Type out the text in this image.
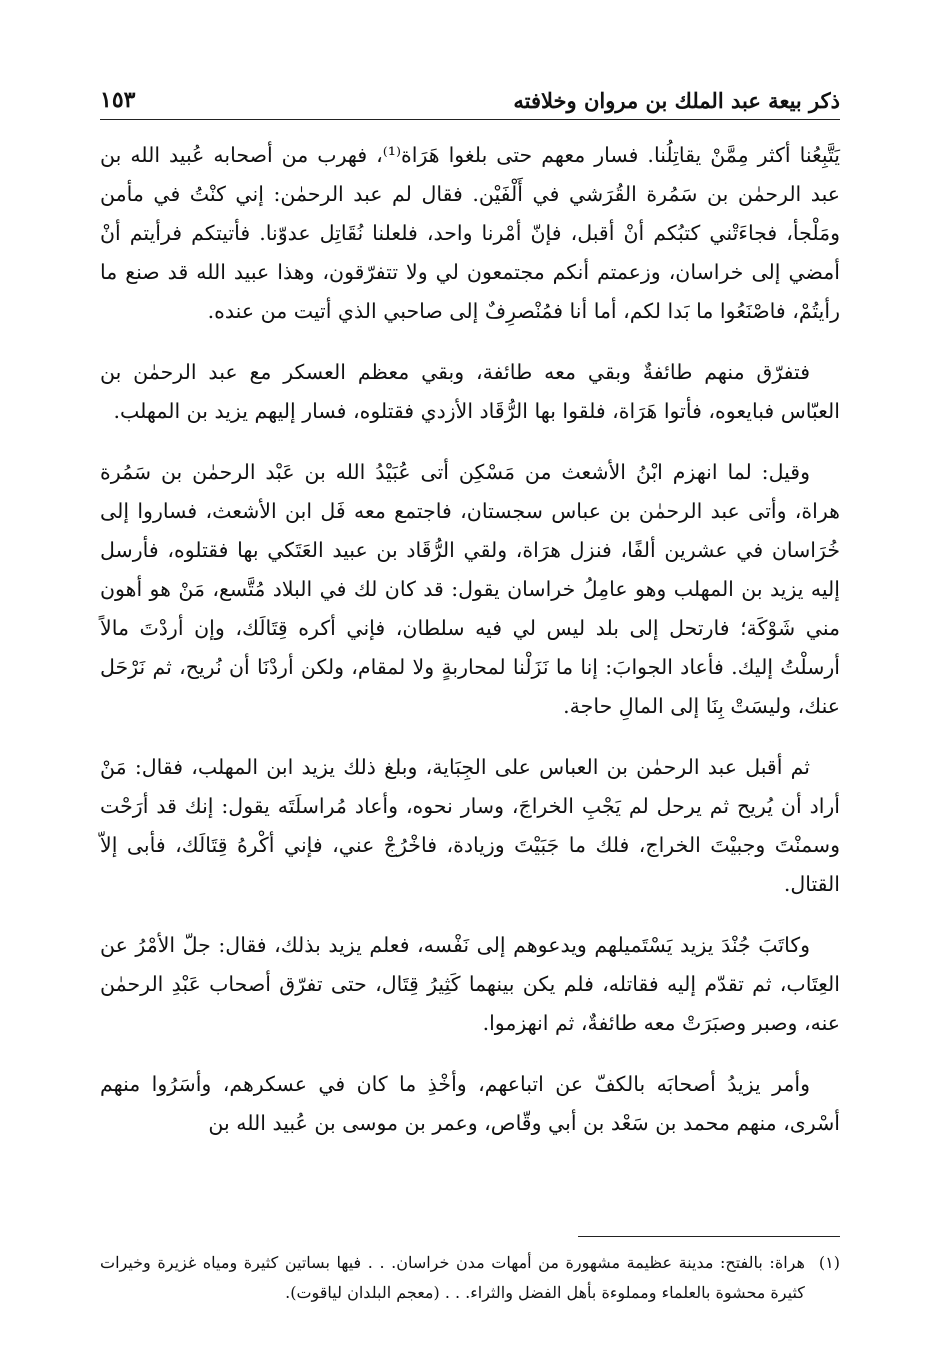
ذكر بيعة عبد الملك بن مروان وخلافته
١٥٣

يَتَّبِعُنا أكثر مِمَّنْ يقاتِلُنا. فسار معهم حتى بلغوا هَرَاة⁽¹⁾، فهرب من أصحابه عُبيد الله بن عبد الرحمٰن بن سَمُرة القُرَشي في أَلْفَيْن. فقال لم عبد الرحمٰن: إني كنْتُ في مأمن ومَلْجأ، فجاءَتْني كتبُكم أنْ أقبل، فإنّ أمْرنا واحد، فلعلنا نُقَاتِل عدوّنا. فأتيتكم فرأيتم أنْ أمضي إلى خراسان، وزعمتم أنكم مجتمعون لي ولا تتفرّقون، وهذا عبيد الله قد صنع ما رأيتُمْ، فاصْنَعُوا ما بَدا لكم، أما أنا فمُنْصرِفٌ إلى صاحبي الذي أتيت من عنده.

فتفرّق منهم طائفةٌ وبقي معه طائفة، وبقي معظم العسكر مع عبد الرحمٰن بن العبّاس فبايعوه، فأتوا هَرَاة، فلقوا بها الرُّقَاد الأزدي فقتلوه، فسار إليهم يزيد بن المهلب.

وقيل: لما انهزم ابْنُ الأشعث من مَسْكِن أتى عُبَيْدُ الله بن عَبْد الرحمٰن بن سَمُرة هراة، وأتى عبد الرحمٰن بن عباس سجستان، فاجتمع معه فَل ابن الأشعث، فساروا إلى خُرَاسان في عشرين ألفًا، فنزل هرَاة، ولقي الرُّقَاد بن عبيد العَتَكي بها فقتلوه، فأرسل إليه يزيد بن المهلب وهو عامِلُ خراسان يقول: قد كان لك في البلاد مُتَّسع، مَنْ هو أهون مني شَوْكَة؛ فارتحل إلى بلد ليس لي فيه سلطان، فإني أكره قِتَالَك، وإن أردْتَ مالاً أرسلْتُ إليك. فأعاد الجوابَ: إنا ما نَزَلْنا لمحاربةٍ ولا لمقام، ولكن أردْنَا أن نُريح، ثم نَرْحَل عنك، وليسَتْ بِنَا إلى المالِ حاجة.

ثم أقبل عبد الرحمٰن بن العباس على الجِبَاية، وبلغ ذلك يزيد ابن المهلب، فقال: مَنْ أراد أن يُريح ثم يرحل لم يَجْبِ الخراجَ، وسار نحوه، وأعاد مُراسلَتَه يقول: إنك قد أرَحْت وسمنْتَ وجبيْتَ الخراج، فلك ما جَبَيْتَ وزيادة، فاخْرُجْ عني، فإني أكْرهُ قِتَالَك، فأبى إلاّ القتال.

وكاتَبَ جُنْدَ يزيد يَسْتَميلهم ويدعوهم إلى نَفْسه، فعلم يزيد بذلك، فقال: جلّ الأمْرُ عن العِتَاب، ثم تقدّم إليه فقاتله، فلم يكن بينهما كَثِيرُ قِتَال، حتى تفرّق أصحاب عَبْدِ الرحمٰن عنه، وصبر وصبَرَتْ معه طائفةٌ، ثم انهزموا.

وأمر يزيدُ أصحابَه بالكفّ عن اتباعهم، وأخْذِ ما كان في عسكرهم، وأسَرُوا منهم أسْرى، منهم محمد بن سَعْد بن أبي وقّاص، وعمر بن موسى بن عُبيد الله بن

(١)
هراة: بالفتح: مدينة عظيمة مشهورة من أمهات مدن خراسان. . . فيها بساتين كثيرة ومياه غزيرة وخيرات كثيرة محشوة بالعلماء ومملوءة بأهل الفضل والثراء. . . (معجم البلدان لياقوت).
